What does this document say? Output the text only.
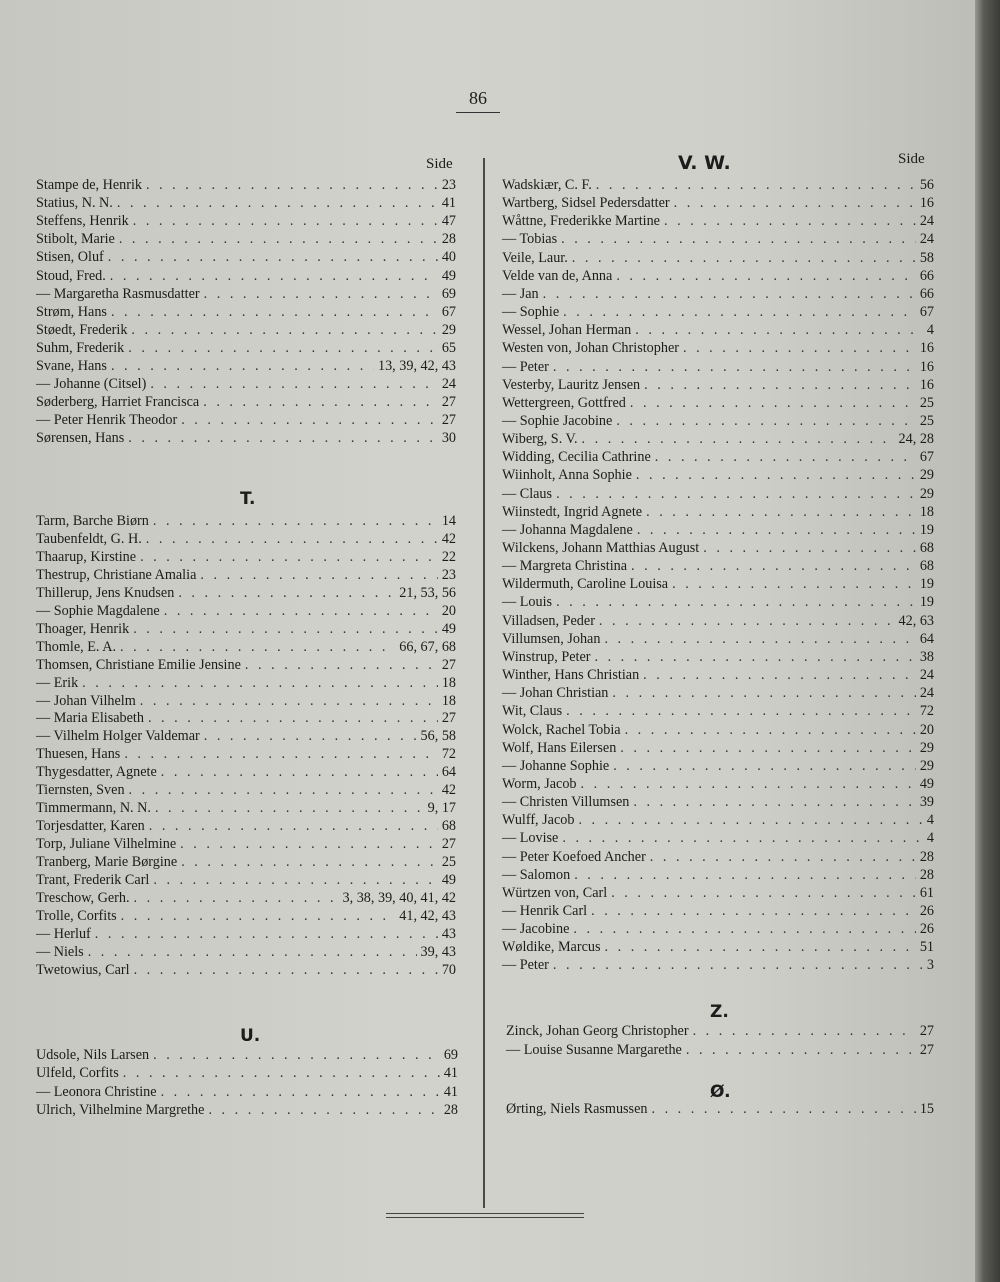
86
Side	Side
Stampe de, Henrik . . .	23
Statius, N. N. . . .	41
Steffens, Henrik . . .	47
Stibolt, Marie . . .	28
Stisen, Oluf . . .	40
Stoud, Fred. . . .	49
— Margaretha Rasmusdatter . . .	69
Strøm, Hans . . .	67
Støedt, Frederik . . .	29
Suhm, Frederik . . .	65
Svane, Hans . . .	13, 39, 42, 43
— Johanne (Citsel) . . .	24
Søderberg, Harriet Francisca . . .	27
— Peter Henrik Theodor . . .	27
Sørensen, Hans . . .	30
T.
Tarm, Barche Biørn . . .	14
Taubenfeldt, G. H. . . .	42
Thaarup, Kirstine . . .	22
Thestrup, Christiane Amalia . . .	23
Thillerup, Jens Knudsen . . .	21, 53, 56
— Sophie Magdalene . . .	20
Thoager, Henrik . . .	49
Thomle, E. A. . . .	66, 67, 68
Thomsen, Christiane Emilie Jensine . . .	27
— Erik . . .	18
— Johan Vilhelm . . .	18
— Maria Elisabeth . . .	27
— Vilhelm Holger Valdemar . . .	56, 58
Thuesen, Hans . . .	72
Thygesdatter, Agnete . . .	64
Tiernsten, Sven . . .	42
Timmermann, N. N. . . .	9, 17
Torjesdatter, Karen . . .	68
Torp, Juliane Vilhelmine . . .	27
Tranberg, Marie Børgine . . .	25
Trant, Frederik Carl . . .	49
Treschow, Gerh. . . .	3, 38, 39, 40, 41, 42
Trolle, Corfits . . .	41, 42, 43
— Herluf . . .	43
— Niels . . .	39, 43
Twetowius, Carl . . .	70
U.
Udsole, Nils Larsen . . .	69
Ulfeld, Corfits . . .	41
— Leonora Christine . . .	41
Ulrich, Vilhelmine Margrethe . . .	28
V. W.
Wadskiær, C. F. . . .	56
Wartberg, Sidsel Pedersdatter . . .	16
Wåttne, Frederikke Martine . . .	24
— Tobias . . .	24
Veile, Laur. . . .	58
Velde van de, Anna . . .	66
— Jan . . .	66
— Sophie . . .	67
Wessel, Johan Herman . . .	4
Westen von, Johan Christopher . . .	16
— Peter . . .	16
Vesterby, Lauritz Jensen . . .	16
Wettergreen, Gottfred . . .	25
— Sophie Jacobine . . .	25
Wiberg, S. V. . . .	24, 28
Widding, Cecilia Cathrine . . .	67
Wiinholt, Anna Sophie . . .	29
— Claus . . .	29
Wiinstedt, Ingrid Agnete . . .	18
— Johanna Magdalene . . .	19
Wilckens, Johann Matthias August . . .	68
— Margreta Christina . . .	68
Wildermuth, Caroline Louisa . . .	19
— Louis . . .	19
Villadsen, Peder . . .	42, 63
Villumsen, Johan . . .	64
Winstrup, Peter . . .	38
Winther, Hans Christian . . .	24
— Johan Christian . . .	24
Wit, Claus . . .	72
Wolck, Rachel Tobia . . .	20
Wolf, Hans Eilersen . . .	29
— Johanne Sophie . . .	29
Worm, Jacob . . .	49
— Christen Villumsen . . .	39
Wulff, Jacob . . .	4
— Lovise . . .	4
— Peter Koefoed Ancher . . .	28
— Salomon . . .	28
Würtzen von, Carl . . .	61
— Henrik Carl . . .	26
— Jacobine . . .	26
Wøldike, Marcus . . .	51
— Peter . . .	3
Z.
Zinck, Johan Georg Christopher . . .	27
— Louise Susanne Margarethe . . .	27
Ø.
Ørting, Niels Rasmussen . . .	15
